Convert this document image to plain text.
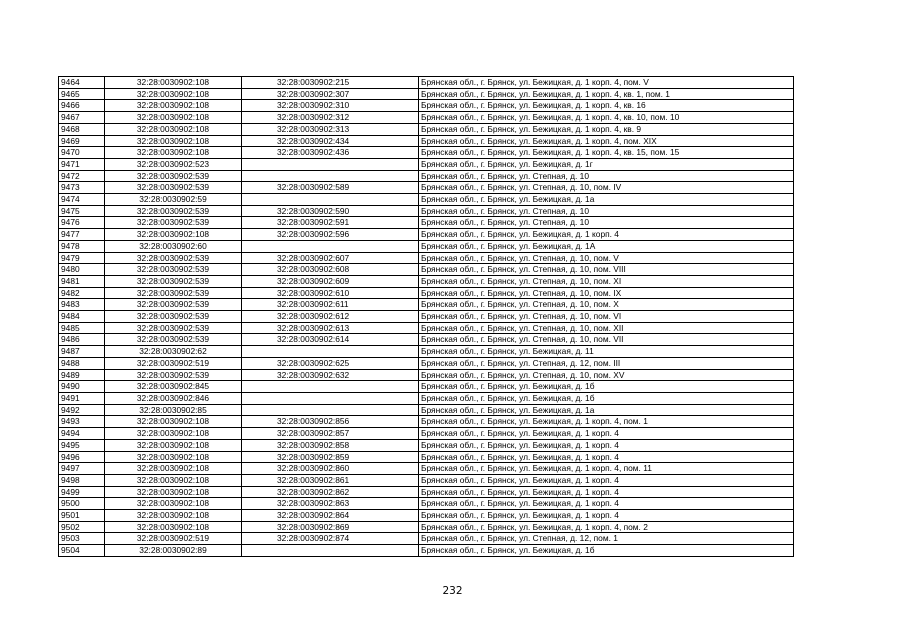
9464	32:28:0030902:108	32:28:0030902:215	Брянская обл., г. Брянск, ул. Бежицкая, д. 1 корп. 4, пом. V
9465	32:28:0030902:108	32:28:0030902:307	Брянская обл., г. Брянск, ул. Бежицкая, д. 1 корп. 4, кв. 1, пом. 1
9466	32:28:0030902:108	32:28:0030902:310	Брянская обл., г. Брянск, ул. Бежицкая, д. 1 корп. 4, кв. 16
9467	32:28:0030902:108	32:28:0030902:312	Брянская обл., г. Брянск, ул. Бежицкая, д. 1 корп. 4, кв. 10, пом. 10
9468	32:28:0030902:108	32:28:0030902:313	Брянская обл., г. Брянск, ул. Бежицкая, д. 1 корп. 4, кв. 9
9469	32:28:0030902:108	32:28:0030902:434	Брянская обл., г. Брянск, ул. Бежицкая, д. 1 корп. 4, пом. XIX
9470	32:28:0030902:108	32:28:0030902:436	Брянская обл., г. Брянск, ул. Бежицкая, д. 1 корп. 4, кв. 15, пом. 15
9471	32:28:0030902:523		Брянская обл., г. Брянск, ул. Бежицкая, д. 1г
9472	32:28:0030902:539		Брянская обл., г. Брянск, ул. Степная, д. 10
9473	32:28:0030902:539	32:28:0030902:589	Брянская обл., г. Брянск, ул. Степная, д. 10, пом. IV
9474	32:28:0030902:59		Брянская обл., г. Брянск, ул. Бежицкая, д. 1а
9475	32:28:0030902:539	32:28:0030902:590	Брянская обл., г. Брянск, ул. Степная, д. 10
9476	32:28:0030902:539	32:28:0030902:591	Брянская обл., г. Брянск, ул. Степная, д. 10
9477	32:28:0030902:108	32:28:0030902:596	Брянская обл., г. Брянск, ул. Бежицкая, д. 1 корп. 4
9478	32:28:0030902:60		Брянская обл., г. Брянск, ул. Бежицкая, д. 1А
9479	32:28:0030902:539	32:28:0030902:607	Брянская обл., г. Брянск, ул. Степная, д. 10, пом. V
9480	32:28:0030902:539	32:28:0030902:608	Брянская обл., г. Брянск, ул. Степная, д. 10, пом. VIII
9481	32:28:0030902:539	32:28:0030902:609	Брянская обл., г. Брянск, ул. Степная, д. 10, пом. XI
9482	32:28:0030902:539	32:28:0030902:610	Брянская обл., г. Брянск, ул. Степная, д. 10, пом. IX
9483	32:28:0030902:539	32:28:0030902:611	Брянская обл., г. Брянск, ул. Степная, д. 10, пом. X
9484	32:28:0030902:539	32:28:0030902:612	Брянская обл., г. Брянск, ул. Степная, д. 10, пом. VI
9485	32:28:0030902:539	32:28:0030902:613	Брянская обл., г. Брянск, ул. Степная, д. 10, пом. XII
9486	32:28:0030902:539	32:28:0030902:614	Брянская обл., г. Брянск, ул. Степная, д. 10, пом. VII
9487	32:28:0030902:62		Брянская обл., г. Брянск, ул. Бежицкая, д. 11
9488	32:28:0030902:519	32:28:0030902:625	Брянская обл., г. Брянск, ул. Степная, д. 12, пом. III
9489	32:28:0030902:539	32:28:0030902:632	Брянская обл., г. Брянск, ул. Степная, д. 10, пом. XV
9490	32:28:0030902:845		Брянская обл., г. Брянск, ул. Бежицкая, д. 1б
9491	32:28:0030902:846		Брянская обл., г. Брянск, ул. Бежицкая, д. 1б
9492	32:28:0030902:85		Брянская обл., г. Брянск, ул. Бежицкая, д. 1а
9493	32:28:0030902:108	32:28:0030902:856	Брянская обл., г. Брянск, ул. Бежицкая, д. 1 корп. 4, пом. 1
9494	32:28:0030902:108	32:28:0030902:857	Брянская обл., г. Брянск, ул. Бежицкая, д. 1 корп. 4
9495	32:28:0030902:108	32:28:0030902:858	Брянская обл., г. Брянск, ул. Бежицкая, д. 1 корп. 4
9496	32:28:0030902:108	32:28:0030902:859	Брянская обл., г. Брянск, ул. Бежицкая, д. 1 корп. 4
9497	32:28:0030902:108	32:28:0030902:860	Брянская обл., г. Брянск, ул. Бежицкая, д. 1 корп. 4, пом. 11
9498	32:28:0030902:108	32:28:0030902:861	Брянская обл., г. Брянск, ул. Бежицкая, д. 1 корп. 4
9499	32:28:0030902:108	32:28:0030902:862	Брянская обл., г. Брянск, ул. Бежицкая, д. 1 корп. 4
9500	32:28:0030902:108	32:28:0030902:863	Брянская обл., г. Брянск, ул. Бежицкая, д. 1 корп. 4
9501	32:28:0030902:108	32:28:0030902:864	Брянская обл., г. Брянск, ул. Бежицкая, д. 1 корп. 4
9502	32:28:0030902:108	32:28:0030902:869	Брянская обл., г. Брянск, ул. Бежицкая, д. 1 корп. 4, пом. 2
9503	32:28:0030902:519	32:28:0030902:874	Брянская обл., г. Брянск, ул. Степная, д. 12, пом. 1
9504	32:28:0030902:89		Брянская обл., г. Брянск, ул. Бежицкая, д. 1б
232
